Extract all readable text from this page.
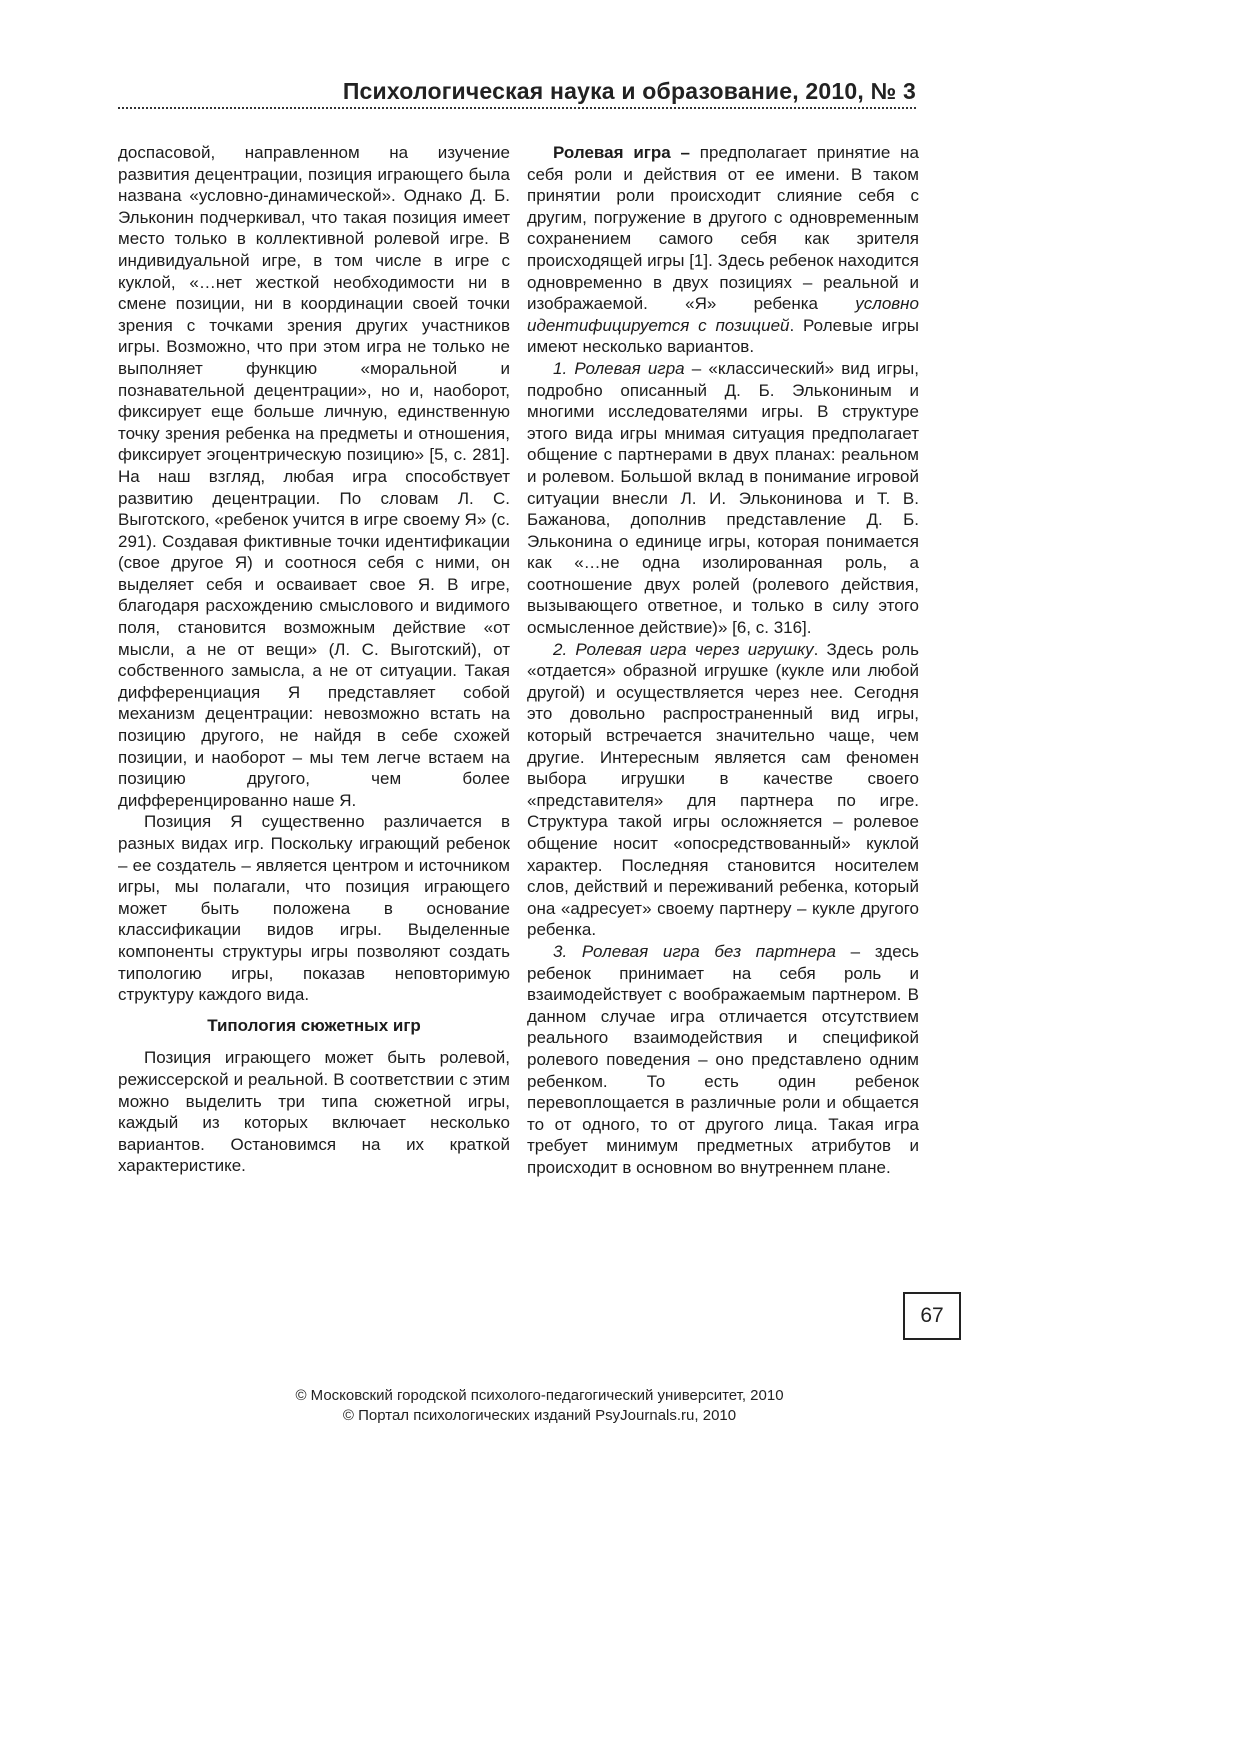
Психологическая наука и образование, 2010, № 3

доспасовой, направленном на изучение развития децентрации, позиция играющего была названа «условно-динамической». Однако Д. Б. Эльконин подчеркивал, что такая позиция имеет место только в коллективной ролевой игре. В индивидуальной игре, в том числе в игре с куклой, «…нет жесткой необходимости ни в смене позиции, ни в координации своей точки зрения с точками зрения других участников игры. Возможно, что при этом игра не только не выполняет функцию «моральной и познавательной децентрации», но и, наоборот, фиксирует еще больше личную, единственную точку зрения ребенка на предметы и отношения, фиксирует эгоцентрическую позицию» [5, с. 281]. На наш взгляд, любая игра способствует развитию децентрации. По словам Л. С. Выготского, «ребенок учится в игре своему Я» (с. 291). Создавая фиктивные точки идентификации (свое другое Я) и соотнося себя с ними, он выделяет себя и осваивает свое Я. В игре, благодаря расхождению смыслового и видимого поля, становится возможным действие «от мысли, а не от вещи» (Л. С. Выготский), от собственного замысла, а не от ситуации. Такая дифференциация Я представляет собой механизм децентрации: невозможно встать на позицию другого, не найдя в себе схожей позиции, и наоборот – мы тем легче встаем на позицию другого, чем более дифференцированно наше Я.

Позиция Я существенно различается в разных видах игр. Поскольку играющий ребенок – ее создатель – является центром и источником игры, мы полагали, что позиция играющего может быть положена в основание классификации видов игры. Выделенные компоненты структуры игры позволяют создать типологию игры, показав неповторимую структуру каждого вида.

Типология сюжетных игр

Позиция играющего может быть ролевой, режиссерской и реальной. В соответствии с этим можно выделить три типа сюжетной игры, каждый из которых включает несколько вариантов. Остановимся на их краткой характеристике.

Ролевая игра – предполагает принятие на себя роли и действия от ее имени. В таком принятии роли происходит слияние себя с другим, погружение в другого с одновременным сохранением самого себя как зрителя происходящей игры [1]. Здесь ребенок находится одновременно в двух позициях – реальной и изображаемой. «Я» ребенка условно идентифицируется с позицией. Ролевые игры имеют несколько вариантов.

1. Ролевая игра – «классический» вид игры, подробно описанный Д. Б. Элькониным и многими исследователями игры. В структуре этого вида игры мнимая ситуация предполагает общение с партнерами в двух планах: реальном и ролевом. Большой вклад в понимание игровой ситуации внесли Л. И. Эльконинова и Т. В. Бажанова, дополнив представление Д. Б. Эльконина о единице игры, которая понимается как «…не одна изолированная роль, а соотношение двух ролей (ролевого действия, вызывающего ответное, и только в силу этого осмысленное действие)» [6, с. 316].

2. Ролевая игра через игрушку. Здесь роль «отдается» образной игрушке (кукле или любой другой) и осуществляется через нее. Сегодня это довольно распространенный вид игры, который встречается значительно чаще, чем другие. Интересным является сам феномен выбора игрушки в качестве своего «представителя» для партнера по игре. Структура такой игры осложняется – ролевое общение носит «опосредствованный» куклой характер. Последняя становится носителем слов, действий и переживаний ребенка, который она «адресует» своему партнеру – кукле другого ребенка.

3. Ролевая игра без партнера – здесь ребенок принимает на себя роль и взаимодействует с воображаемым партнером. В данном случае игра отличается отсутствием реального взаимодействия и спецификой ролевого поведения – оно представлено одним ребенком. То есть один ребенок перевоплощается в различные роли и общается то от одного, то от другого лица. Такая игра требует минимум предметных атрибутов и происходит в основном во внутреннем плане.

67
© Московский городской психолого-педагогический университет, 2010
© Портал психологических изданий PsyJournals.ru, 2010
